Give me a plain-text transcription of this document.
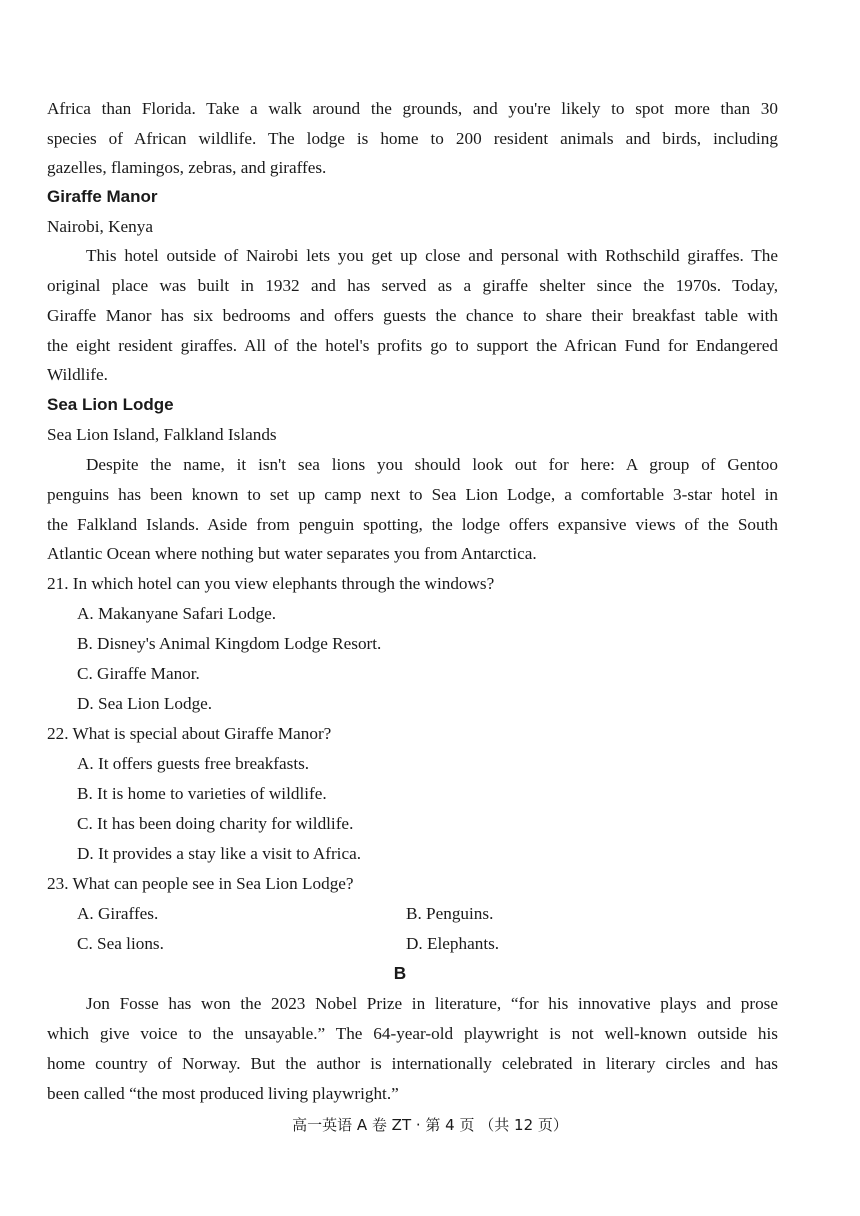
Africa than Florida. Take a walk around the grounds, and you're likely to spot more than 30
species of African wildlife. The lodge is home to 200 resident animals and birds, including
gazelles, flamingos, zebras, and giraffes.
Giraffe Manor
Nairobi, Kenya
This hotel outside of Nairobi lets you get up close and personal with Rothschild giraffes. The
original place was built in 1932 and has served as a giraffe shelter since the 1970s. Today,
Giraffe Manor has six bedrooms and offers guests the chance to share their breakfast table with
the eight resident giraffes. All of the hotel's profits go to support the African Fund for Endangered
Wildlife.
Sea Lion Lodge
Sea Lion Island, Falkland Islands
Despite the name, it isn't sea lions you should look out for here: A group of Gentoo
penguins has been known to set up camp next to Sea Lion Lodge, a comfortable 3-star hotel in
the Falkland Islands. Aside from penguin spotting, the lodge offers expansive views of the South
Atlantic Ocean where nothing but water separates you from Antarctica.
21. In which hotel can you view elephants through the windows?
A. Makanyane Safari Lodge.
B. Disney's Animal Kingdom Lodge Resort.
C. Giraffe Manor.
D. Sea Lion Lodge.
22. What is special about Giraffe Manor?
A. It offers guests free breakfasts.
B. It is home to varieties of wildlife.
C. It has been doing charity for wildlife.
D. It provides a stay like a visit to Africa.
23. What can people see in Sea Lion Lodge?
A. Giraffes.	B. Penguins.
C. Sea lions.	D. Elephants.
B
Jon Fosse has won the 2023 Nobel Prize in literature, “for his innovative plays and prose
which give voice to the unsayable.” The 64-year-old playwright is not well-known outside his
home country of Norway. But the author is internationally celebrated in literary circles and has
been called “the most produced living playwright.”
高一英语 A 卷 ZT · 第 4 页 （共 12 页）
